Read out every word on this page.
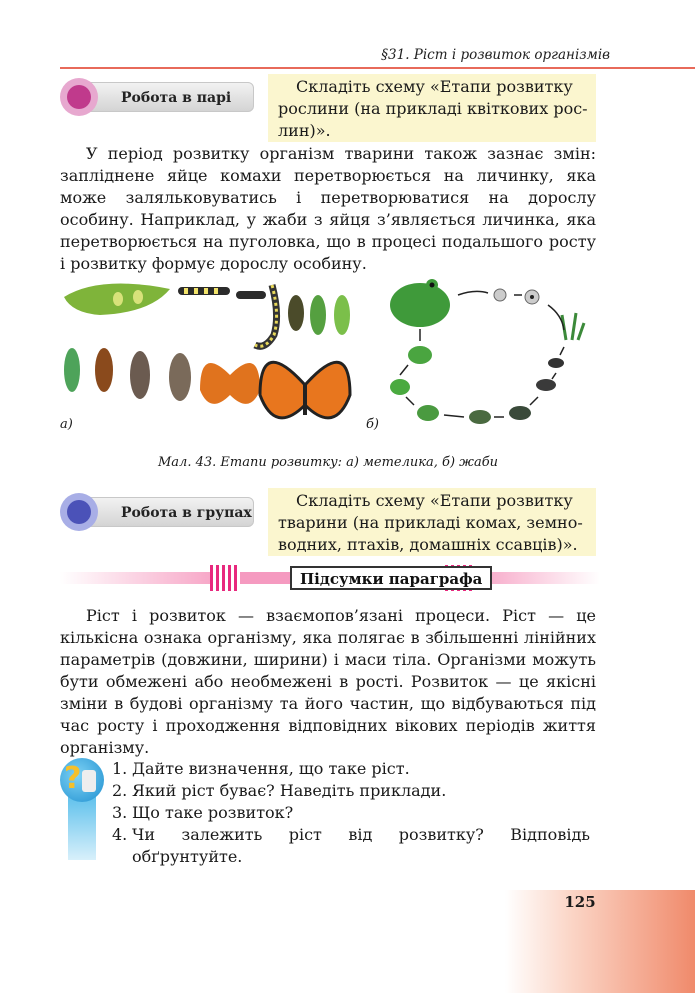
§31. Ріст і розвиток організмів
Робота в парі
Складіть схему «Етапи розвитку
рослини (на прикладі квіткових рос-
лин)».
У період розвитку організм тварини також зазнає змін: запліднене яйце комахи перетворюється на личинку, яка може заляльковуватись і перетворюватися на дорослу особину. Наприклад, у жаби з яйця з’являється личинка, яка перетворюється на пуголовка, що в процесі подальшого росту і розвитку формує дорослу особину.
а)	б)
Мал. 43. Етапи розвитку: а) метелика, б) жаби
Робота в групах
Складіть схему «Етапи розвитку
тварини (на прикладі комах, земно-
водних, птахів, домашніх ссавців)».
Підсумки параграфа
Ріст і розвиток — взаємопов’язані процеси. Ріст — це кількісна ознака організму, яка полягає в збільшенні лінійних параметрів (довжини, ширини) і маси тіла. Організми можуть бути обмежені або необмежені в рості. Розвиток — це якісні зміни в будові організму та його частин, що відбуваються під час росту і проходження відповідних вікових періодів життя організму.
? 1. Дайте визначення, що таке ріст.
2. Який ріст буває? Наведіть приклади.
3. Що таке розвиток?
4. Чи залежить ріст від розвитку? Відповідь обґрунтуйте.
125
